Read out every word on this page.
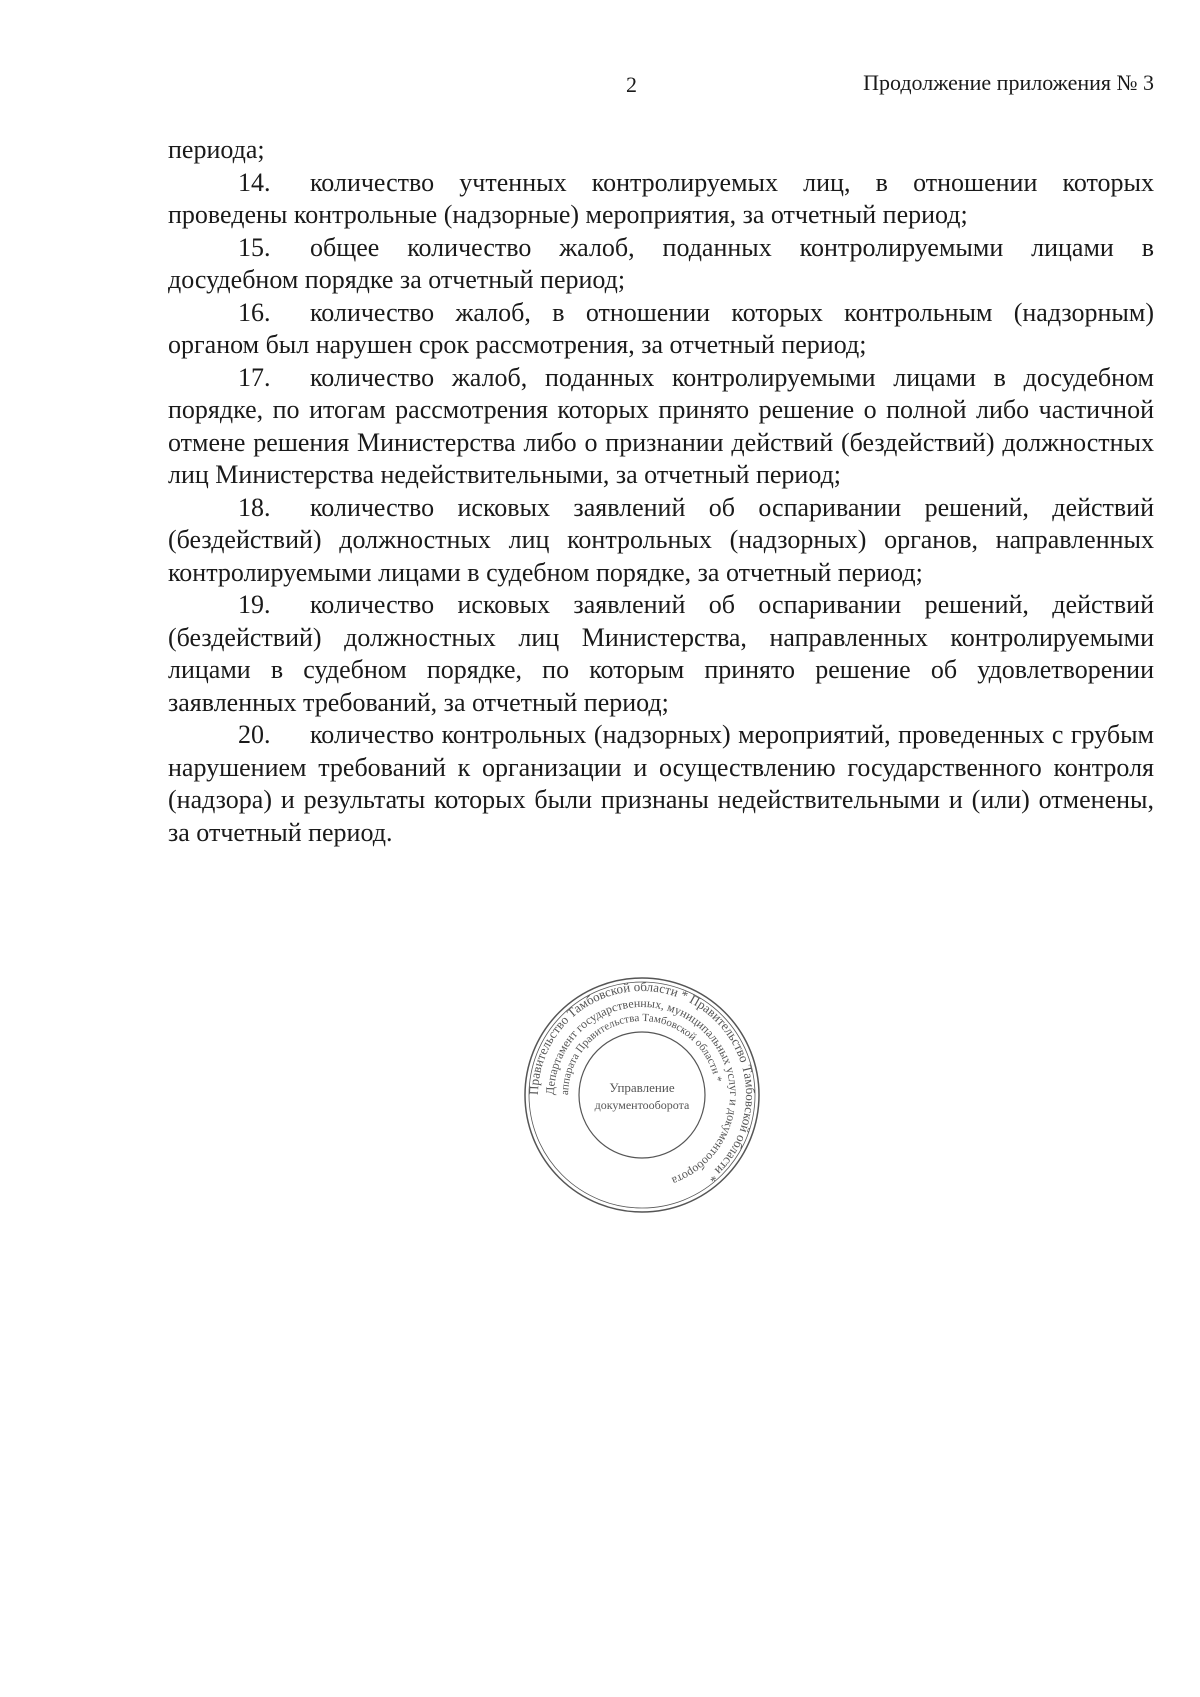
2	Продолжение приложения № 3

периода;

14. количество учтенных контролируемых лиц, в отношении которых проведены контрольные (надзорные) мероприятия, за отчетный период;

15. общее количество жалоб, поданных контролируемыми лицами в досудебном порядке за отчетный период;

16. количество жалоб, в отношении которых контрольным (надзорным) органом был нарушен срок рассмотрения, за отчетный период;

17. количество жалоб, поданных контролируемыми лицами в досудебном порядке, по итогам рассмотрения которых принято решение о полной либо частичной отмене решения Министерства либо о признании действий (бездействий) должностных лиц Министерства недействительными, за отчетный период;

18. количество исковых заявлений об оспаривании решений, действий (бездействий) должностных лиц контрольных (надзорных) органов, направленных контролируемыми лицами в судебном порядке, за отчетный период;

19. количество исковых заявлений об оспаривании решений, действий (бездействий) должностных лиц Министерства, направленных контролируемыми лицами в судебном порядке, по которым принято решение об удовлетворении заявленных требований, за отчетный период;

20. количество контрольных (надзорных) мероприятий, проведенных с грубым нарушением требований к организации и осуществлению государственного контроля (надзора) и результаты которых были признаны недействительными и (или) отменены, за отчетный период.

Правительство Тамбовской области * Правительство Тамбовской области *
Департамент государственных, муниципальных услуг и документооборота
аппарата Правительства Тамбовской области *
Управление
документооборота
